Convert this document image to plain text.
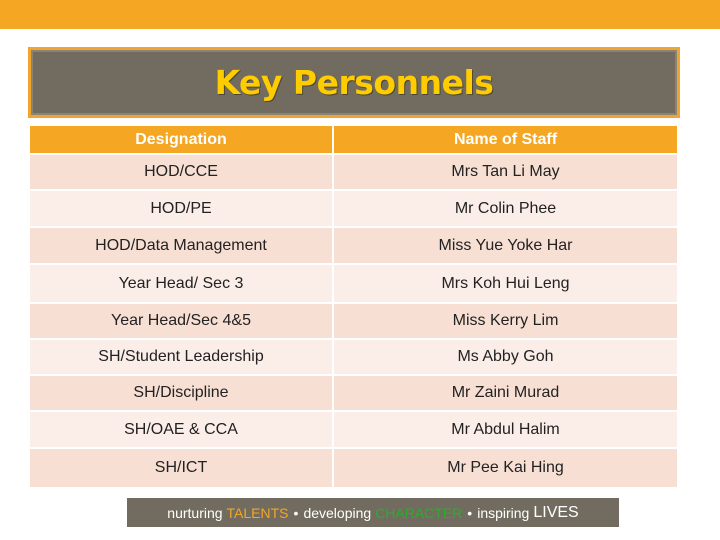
Key Personnels
Designation	Name of Staff
HOD/CCE	Mrs Tan Li May
HOD/PE	Mr Colin Phee
HOD/Data Management	Miss Yue Yoke Har
Year Head/ Sec 3	Mrs Koh Hui Leng
Year Head/Sec 4&5	Miss Kerry Lim
SH/Student Leadership	Ms Abby Goh
SH/Discipline	Mr Zaini Murad
SH/OAE & CCA	Mr Abdul Halim
SH/ICT	Mr Pee Kai Hing
nurturing TALENTS • developing CHARACTER • inspiring LIVES
